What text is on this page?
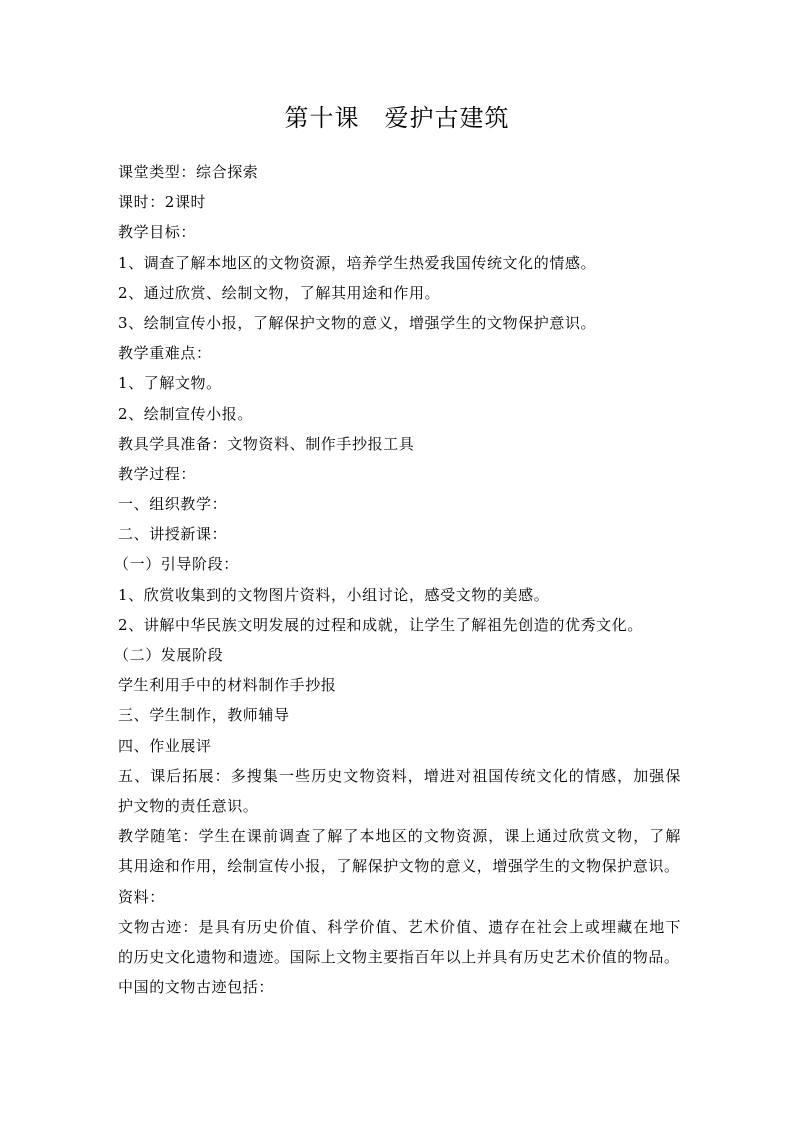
第十课　爱护古建筑
课堂类型：综合探索
课时：2课时
教学目标：
1、调查了解本地区的文物资源，培养学生热爱我国传统文化的情感。
2、通过欣赏、绘制文物，了解其用途和作用。
3、绘制宣传小报，了解保护文物的意义，增强学生的文物保护意识。
教学重难点：
1、了解文物。
2、绘制宣传小报。
教具学具准备：文物资料、制作手抄报工具
教学过程：
一、组织教学：
二、讲授新课：
（一）引导阶段：
1、欣赏收集到的文物图片资料，小组讨论，感受文物的美感。
2、讲解中华民族文明发展的过程和成就，让学生了解祖先创造的优秀文化。
（二）发展阶段
学生利用手中的材料制作手抄报
三、学生制作，教师辅导
四、作业展评
五、课后拓展：多搜集一些历史文物资料，增进对祖国传统文化的情感，加强保
护文物的责任意识。
教学随笔：学生在课前调查了解了本地区的文物资源，课上通过欣赏文物，了解
其用途和作用，绘制宣传小报，了解保护文物的意义，增强学生的文物保护意识。
资料：
文物古迹：是具有历史价值、科学价值、艺术价值、遗存在社会上或埋藏在地下
的历史文化遗物和遗迹。国际上文物主要指百年以上并具有历史艺术价值的物品。
中国的文物古迹包括：
